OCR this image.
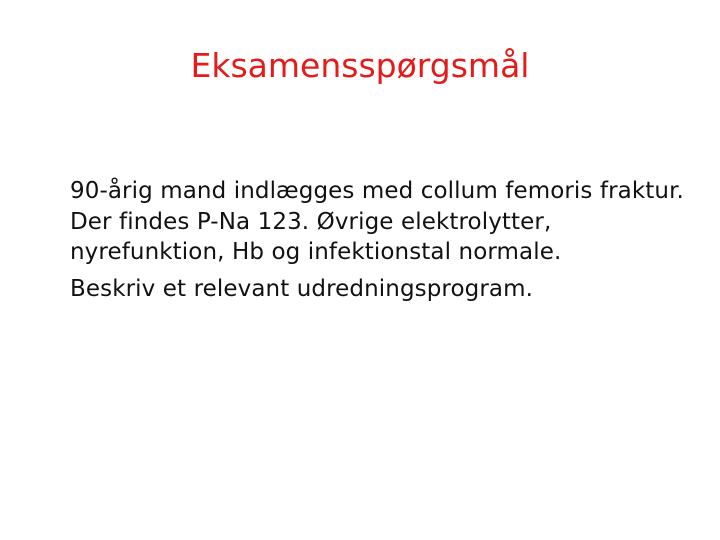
Eksamensspørgsmål

90-årig mand indlægges med collum femoris fraktur. Der findes P-Na 123. Øvrige elektrolytter, nyrefunktion, Hb og infektionstal normale.

Beskriv et relevant udredningsprogram.
